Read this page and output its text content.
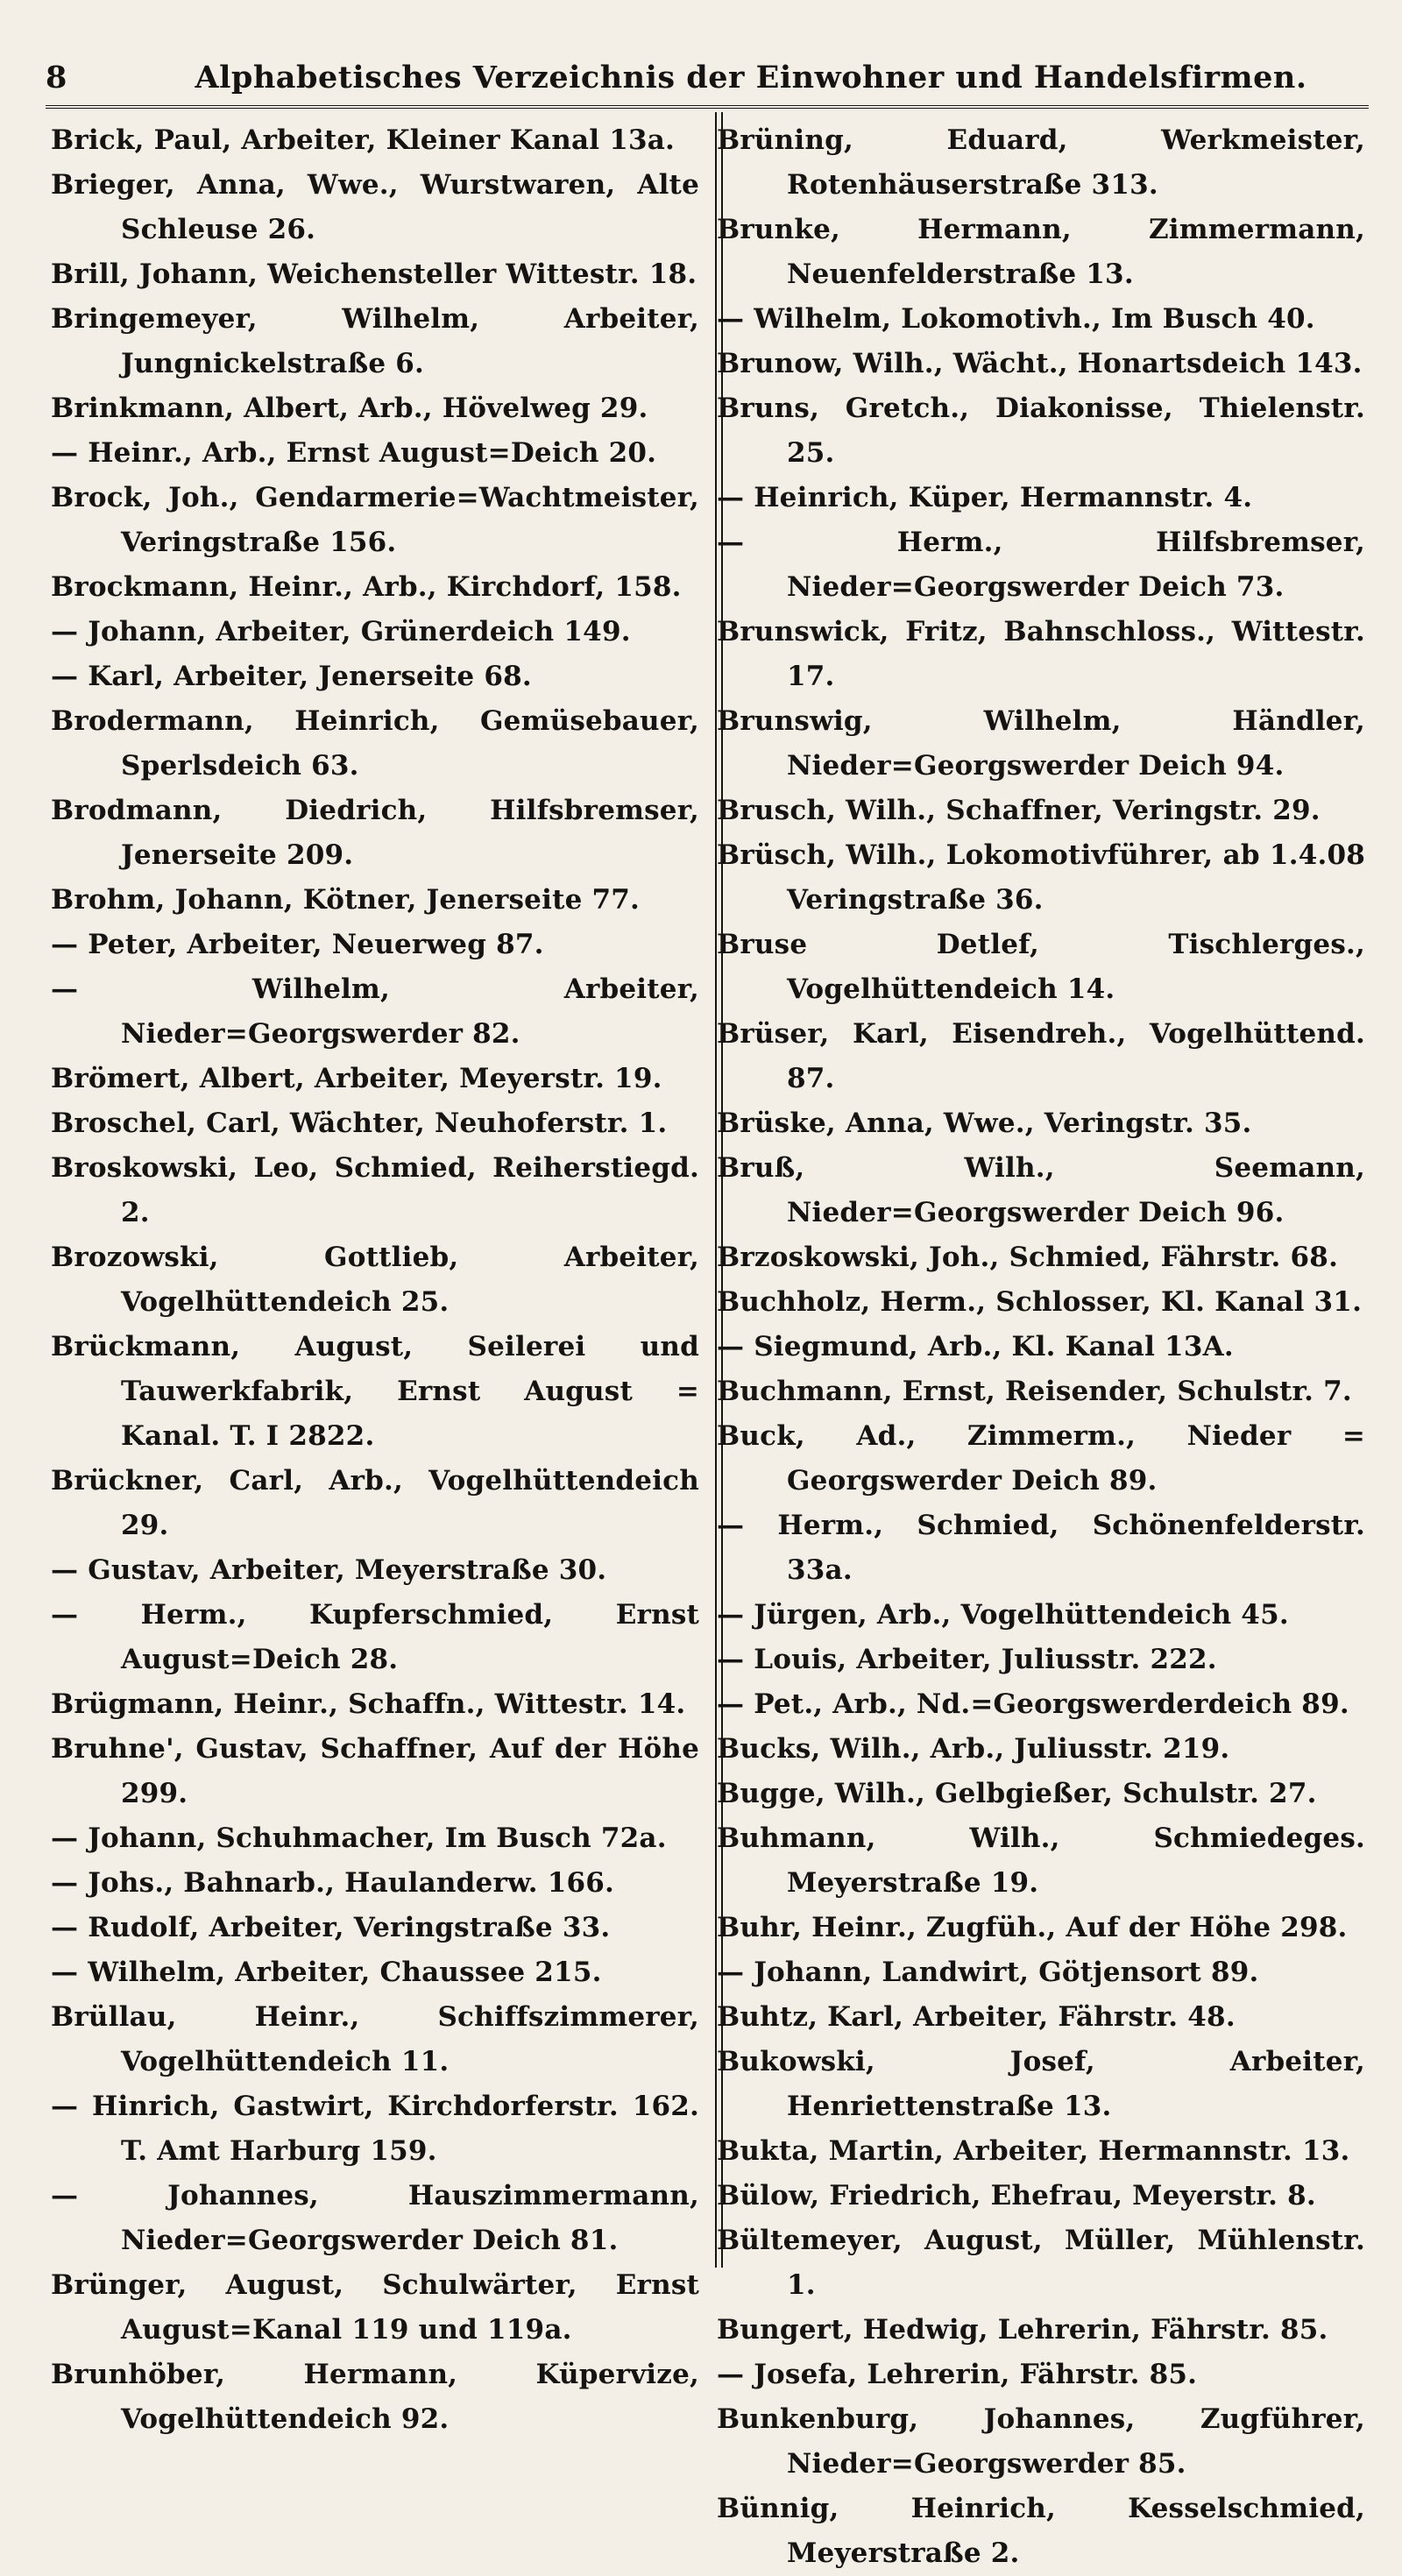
8	Alphabetisches Verzeichnis der Einwohner und Handelsfirmen.

Brick, Paul, Arbeiter, Kleiner Kanal 13a.

Brieger, Anna, Wwe., Wurstwaren, Alte Schleuse 26.

Brill, Johann, Weichensteller Wittestr. 18.

Bringemeyer, Wilhelm, Arbeiter, Jungnickelstraße 6.

Brinkmann, Albert, Arb., Hövelweg 29.

— Heinr., Arb., Ernst August=Deich 20.

Brock, Joh., Gendarmerie=Wachtmeister, Veringstraße 156.

Brockmann, Heinr., Arb., Kirchdorf, 158.

— Johann, Arbeiter, Grünerdeich 149.

— Karl, Arbeiter, Jenerseite 68.

Brodermann, Heinrich, Gemüsebauer, Sperlsdeich 63.

Brodmann, Diedrich, Hilfsbremser, Jenerseite 209.

Brohm, Johann, Kötner, Jenerseite 77.

— Peter, Arbeiter, Neuerweg 87.

— Wilhelm, Arbeiter, Nieder=Georgswerder 82.

Brömert, Albert, Arbeiter, Meyerstr. 19.

Broschel, Carl, Wächter, Neuhoferstr. 1.

Broskowski, Leo, Schmied, Reiherstiegd. 2.

Brozowski, Gottlieb, Arbeiter, Vogelhüttendeich 25.

Brückmann, August, Seilerei und Tauwerkfabrik, Ernst August = Kanal. T. I 2822.

Brückner, Carl, Arb., Vogelhüttendeich 29.

— Gustav, Arbeiter, Meyerstraße 30.

— Herm., Kupferschmied, Ernst August=Deich 28.

Brügmann, Heinr., Schaffn., Wittestr. 14.

Bruhne', Gustav, Schaffner, Auf der Höhe 299.

— Johann, Schuhmacher, Im Busch 72a.

— Johs., Bahnarb., Haulanderw. 166.

— Rudolf, Arbeiter, Veringstraße 33.

— Wilhelm, Arbeiter, Chaussee 215.

Brüllau, Heinr., Schiffszimmerer, Vogelhüttendeich 11.

— Hinrich, Gastwirt, Kirchdorferstr. 162. T. Amt Harburg 159.

— Johannes, Hauszimmermann, Nieder=Georgswerder Deich 81.

Brünger, August, Schulwärter, Ernst August=Kanal 119 und 119a.

Brunhöber, Hermann, Küpervize, Vogelhüttendeich 92.

Brüning, Eduard, Werkmeister, Rotenhäuserstraße 313.

Brunke, Hermann, Zimmermann, Neuenfelderstraße 13.

— Wilhelm, Lokomotivh., Im Busch 40.

Brunow, Wilh., Wächt., Honartsdeich 143.

Bruns, Gretch., Diakonisse, Thielenstr. 25.

— Heinrich, Küper, Hermannstr. 4.

— Herm., Hilfsbremser, Nieder=Georgswerder Deich 73.

Brunswick, Fritz, Bahnschloss., Wittestr. 17.

Brunswig, Wilhelm, Händler, Nieder=Georgswerder Deich 94.

Brusch, Wilh., Schaffner, Veringstr. 29.

Brüsch, Wilh., Lokomotivführer, ab 1.4.08 Veringstraße 36.

Bruse Detlef, Tischlerges., Vogelhüttendeich 14.

Brüser, Karl, Eisendreh., Vogelhüttend. 87.

Brüske, Anna, Wwe., Veringstr. 35.

Bruß, Wilh., Seemann, Nieder=Georgswerder Deich 96.

Brzoskowski, Joh., Schmied, Fährstr. 68.

Buchholz, Herm., Schlosser, Kl. Kanal 31.

— Siegmund, Arb., Kl. Kanal 13A.

Buchmann, Ernst, Reisender, Schulstr. 7.

Buck, Ad., Zimmerm., Nieder = Georgswerder Deich 89.

— Herm., Schmied, Schönenfelderstr. 33a.

— Jürgen, Arb., Vogelhüttendeich 45.

— Louis, Arbeiter, Juliusstr. 222.

— Pet., Arb., Nd.=Georgswerderdeich 89.

Bucks, Wilh., Arb., Juliusstr. 219.

Bugge, Wilh., Gelbgießer, Schulstr. 27.

Buhmann, Wilh., Schmiedeges. Meyerstraße 19.

Buhr, Heinr., Zugfüh., Auf der Höhe 298.

— Johann, Landwirt, Götjensort 89.

Buhtz, Karl, Arbeiter, Fährstr. 48.

Bukowski, Josef, Arbeiter, Henriettenstraße 13.

Bukta, Martin, Arbeiter, Hermannstr. 13.

Bülow, Friedrich, Ehefrau, Meyerstr. 8.

Bültemeyer, August, Müller, Mühlenstr. 1.

Bungert, Hedwig, Lehrerin, Fährstr. 85.

— Josefa, Lehrerin, Fährstr. 85.

Bunkenburg, Johannes, Zugführer, Nieder=Georgswerder 85.

Bünnig, Heinrich, Kesselschmied, Meyerstraße 2.
